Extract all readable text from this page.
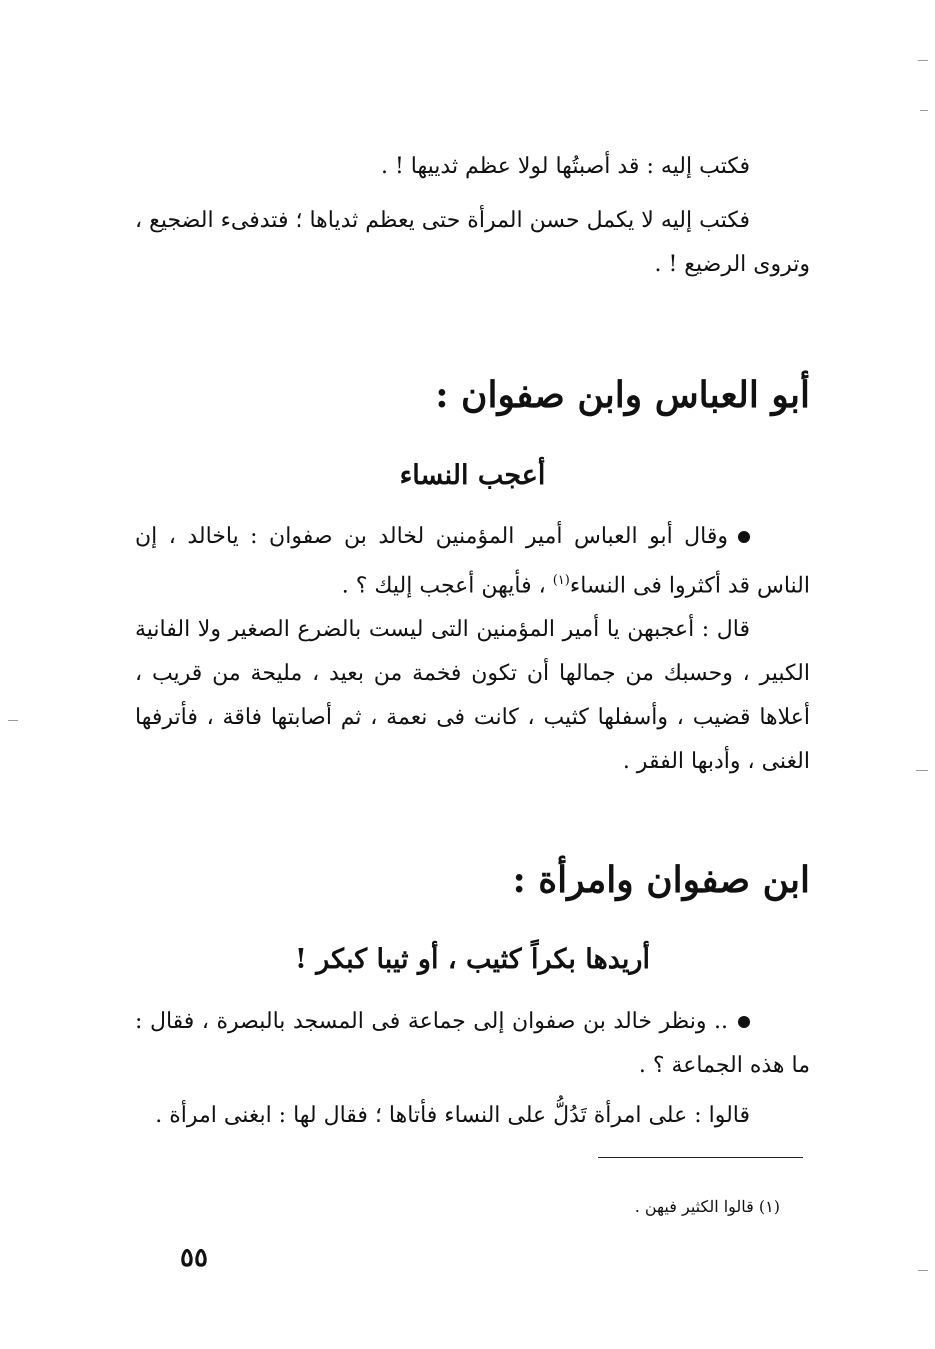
فكتب إليه : قد أصبتُها لولا عظم ثدييها ! .
فكتب إليه لا يكمل حسن المرأة حتى يعظم ثدياها ؛ فتدفىء الضجيع ، وتروى الرضيع ! .
أبو العباس وابن صفوان :
أعجب النساء
وقال أبو العباس أمير المؤمنين لخالد بن صفوان : ياخالد ، إن الناس قد أكثروا فى النساء$^{(١)}$ ، فأيهن أعجب إليك ؟ .
قال : أعجبهن يا أمير المؤمنين التى ليست بالضرع الصغير ولا الفانية الكبير ، وحسبك من جمالها أن تكون فخمة من بعيد ، مليحة من قريب ، أعلاها قضيب ، وأسفلها كثيب ، كانت فى نعمة ، ثم أصابتها فاقة ، فأترفها الغنى ، وأدبها الفقر .
ابن صفوان وامرأة :
أريدها بكراً كثيب ، أو ثيبا كبكر !
.. ونظر خالد بن صفوان إلى جماعة فى المسجد بالبصرة ، فقال : ما هذه الجماعة ؟ .
قالوا : على امرأة تَدُلُّ على النساء فأتاها ؛ فقال لها : ابغنى امرأة .
(١) قالوا الكثير فيهن .
٥٥
